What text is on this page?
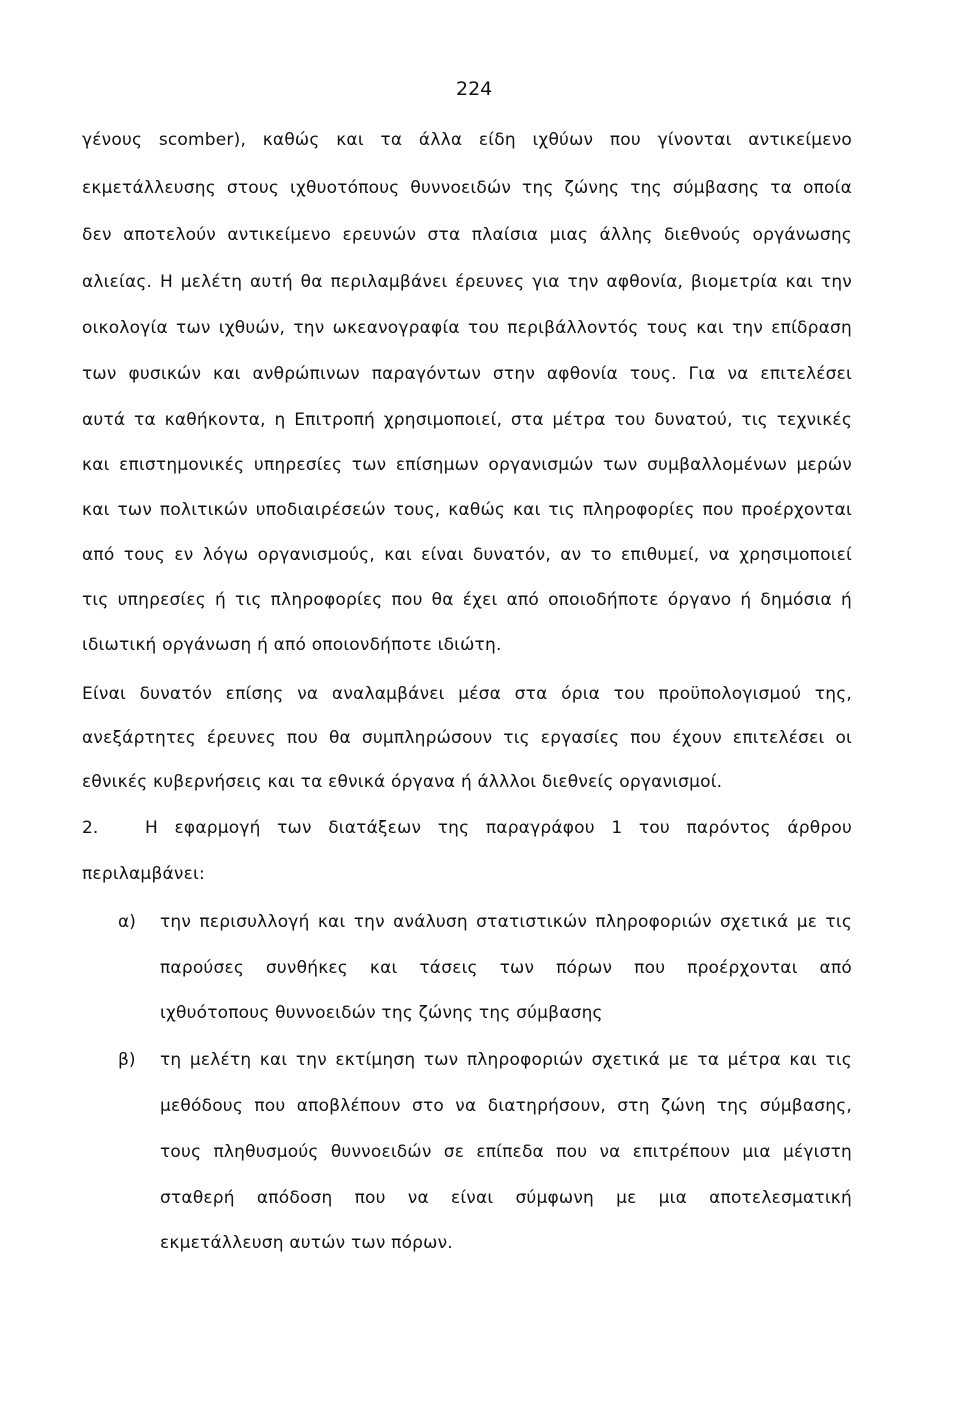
224
γένους scomber), καθώς και τα άλλα είδη ιχθύων που γίνονται αντικείμενο
εκμετάλλευσης στους ιχθυοτόπους θυννοειδών της ζώνης της σύμβασης τα οποία
δεν αποτελούν αντικείμενο ερευνών στα πλαίσια μιας άλλης διεθνούς οργάνωσης
αλιείας. Η μελέτη αυτή θα περιλαμβάνει έρευνες για την αφθονία, βιομετρία και την
οικολογία των ιχθυών, την ωκεανογραφία του περιβάλλοντός τους και την επίδραση
των φυσικών και ανθρώπινων παραγόντων στην αφθονία τους. Για να επιτελέσει
αυτά τα καθήκοντα, η Επιτροπή χρησιμοποιεί, στα μέτρα του δυνατού, τις τεχνικές
και επιστημονικές υπηρεσίες των επίσημων οργανισμών των συμβαλλομένων μερών
και των πολιτικών υποδιαιρέσεών τους, καθώς και τις πληροφορίες που προέρχονται
από τους εν λόγω οργανισμούς, και είναι δυνατόν, αν το επιθυμεί, να χρησιμοποιεί
τις υπηρεσίες ή τις πληροφορίες που θα έχει από οποιοδήποτε όργανο ή δημόσια ή
ιδιωτική οργάνωση ή από οποιονδήποτε ιδιώτη.
Είναι δυνατόν επίσης να αναλαμβάνει μέσα στα όρια του προϋπολογισμού της,
ανεξάρτητες έρευνες που θα συμπληρώσουν τις εργασίες που έχουν επιτελέσει οι
εθνικές κυβερνήσεις και τα εθνικά όργανα ή άλλλοι διεθνείς οργανισμοί.
2.	Η εφαρμογή των διατάξεων της παραγράφου 1 του παρόντος άρθρου
περιλαμβάνει:
α) την περισυλλογή και την ανάλυση στατιστικών πληροφοριών σχετικά με τις
παρούσες συνθήκες και τάσεις των πόρων που προέρχονται από
ιχθυότοπους θυννοειδών της ζώνης της σύμβασης
β) τη μελέτη και την εκτίμηση των πληροφοριών σχετικά με τα μέτρα και τις
μεθόδους που αποβλέπουν στο να διατηρήσουν, στη ζώνη της σύμβασης,
τους πληθυσμούς θυννοειδών σε επίπεδα που να επιτρέπουν μια μέγιστη
σταθερή απόδοση που να είναι σύμφωνη με μια αποτελεσματική
εκμετάλλευση αυτών των πόρων.
